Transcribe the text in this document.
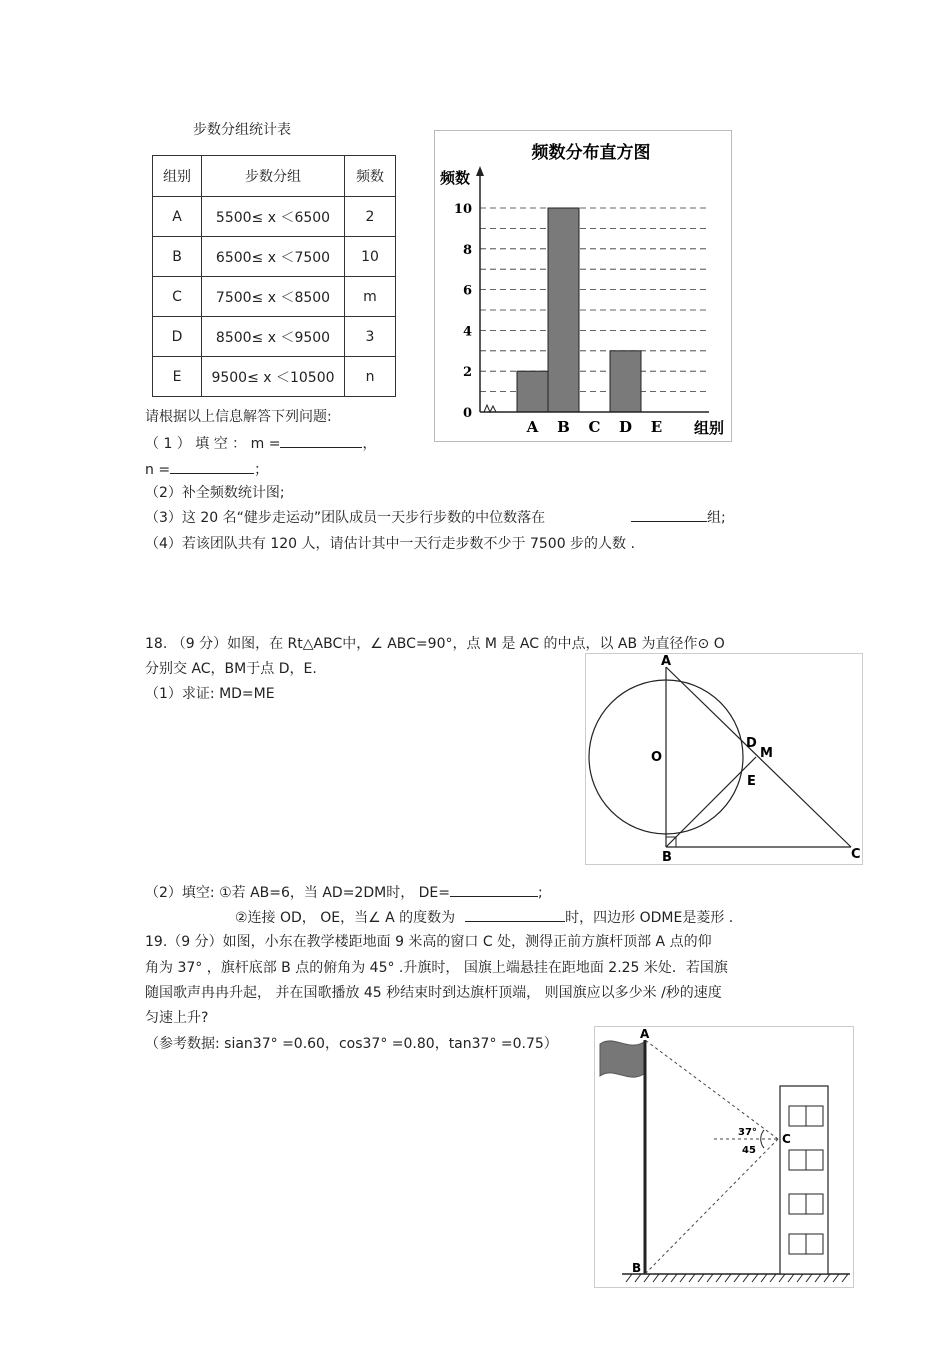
步数分组统计表
组别	步数分组	频数
A	5500≤ x ＜6500	2
B	6500≤ x ＜7500	10
C	7500≤ x ＜8500	m
D	8500≤ x ＜9500	3
E	9500≤ x ＜10500	n
频数分布直方图
频数
组别
0
2
4
6
8
10
A B C D E
请根据以上信息解答下列问题:
（ 1 ） 填 空 ： m =	，
n =	；
（2）补全频数统计图;
（3）这 20 名“健步走运动”团队成员一天步行步数的中位数落在	组;
（4）若该团队共有 120 人，请估计其中一天行走步数不少于 7500 步的人数 .
18. （9 分）如图，在 Rt△ABC中，∠ ABC=90°，点 M 是 AC 的中点，以 AB 为直径作⊙ O
分别交 AC，BM于点 D，E.
（1）求证: MD=ME
A
B	C
D
M
E
O
（2）填空: ①若 AB=6，当 AD=2DM时， DE=	;
②连接 OD， OE，当∠ A 的度数为	时，四边形 ODME是菱形 .
19.（9 分）如图，小东在教学楼距地面 9 米高的窗口 C 处，测得正前方旗杆顶部 A 点的仰
角为 37° ，旗杆底部 B 点的俯角为 45° .升旗时， 国旗上端悬挂在距地面 2.25 米处．若国旗
随国歌声冉冉升起， 并在国歌播放 45 秒结束时到达旗杆顶端， 则国旗应以多少米 /秒的速度
匀速上升?
（参考数据: sian37° =0.60，cos37° =0.80，tan37° =0.75）
A
B
C
37°
45
